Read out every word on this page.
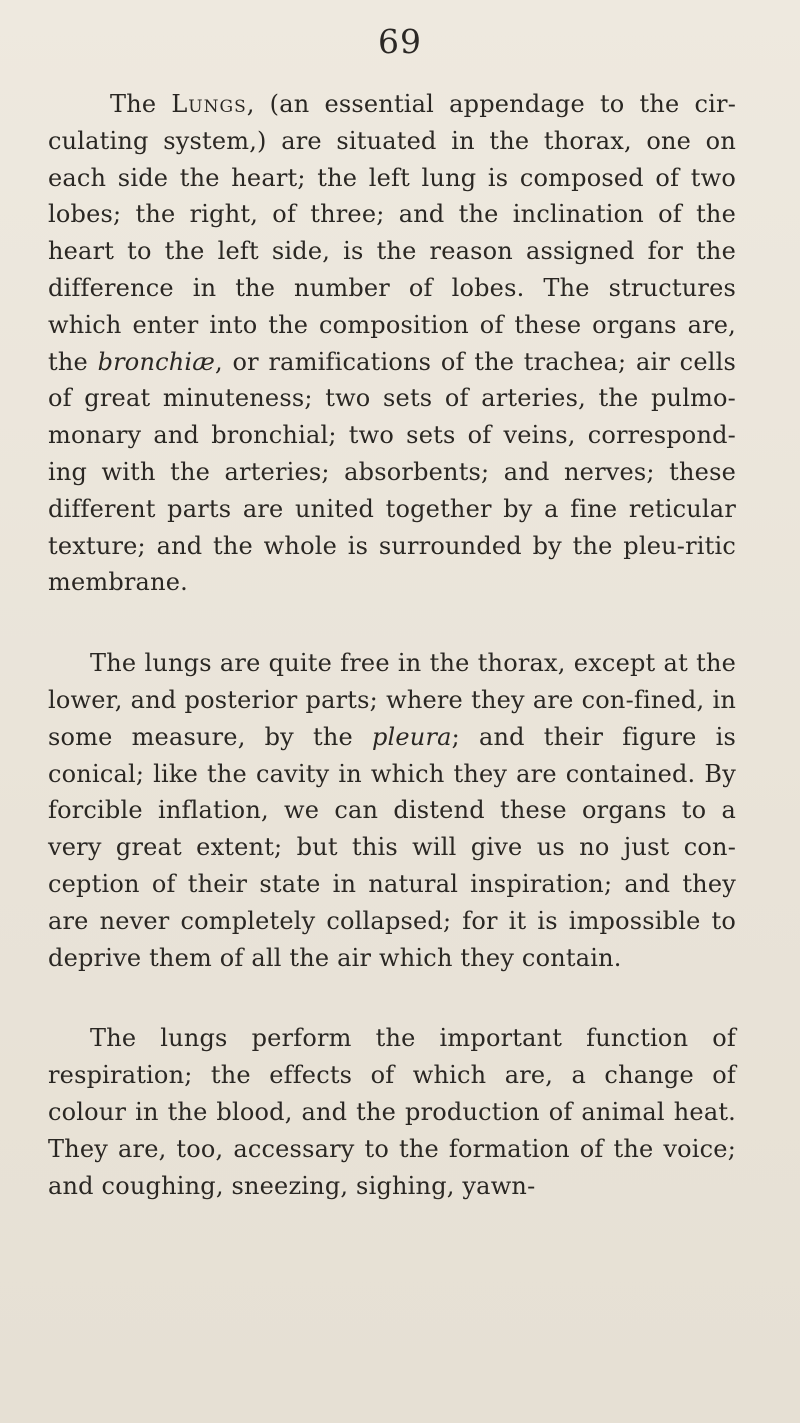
69

The Lungs, (an essential appendage to the cir-culating system,) are situated in the thorax, one on each side the heart; the left lung is composed of two lobes; the right, of three; and the inclination of the heart to the left side, is the reason assigned for the difference in the number of lobes. The structures which enter into the composition of these organs are, the bronchiæ, or ramifications of the trachea; air cells of great minuteness; two sets of arteries, the pulmo-monary and bronchial; two sets of veins, correspond-ing with the arteries; absorbents; and nerves; these different parts are united together by a fine reticular texture; and the whole is surrounded by the pleu-ritic membrane.

The lungs are quite free in the thorax, except at the lower, and posterior parts; where they are con-fined, in some measure, by the pleura; and their figure is conical; like the cavity in which they are contained. By forcible inflation, we can distend these organs to a very great extent; but this will give us no just con-ception of their state in natural inspiration; and they are never completely collapsed; for it is impossible to deprive them of all the air which they contain.

The lungs perform the important function of respiration; the effects of which are, a change of colour in the blood, and the production of animal heat. They are, too, accessary to the formation of the voice; and coughing, sneezing, sighing, yawn-
